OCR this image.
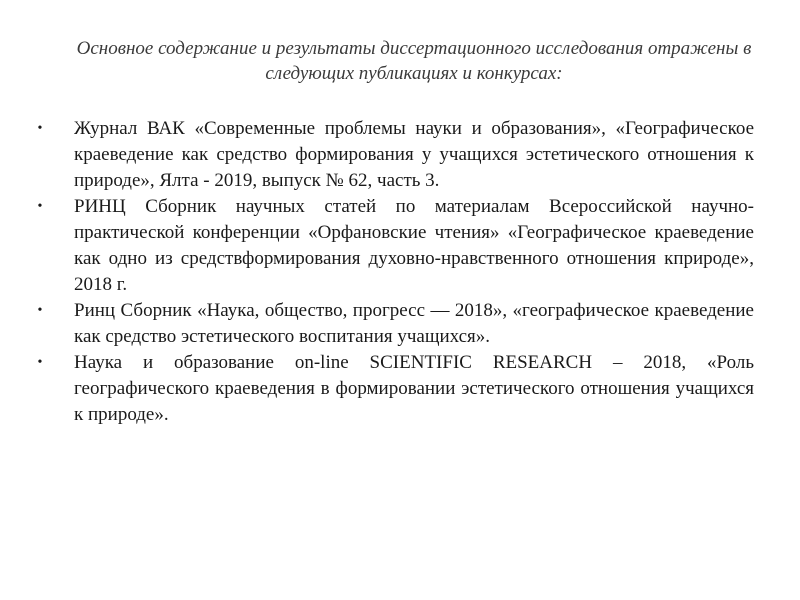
Основное содержание и результаты диссертационного исследования отражены в следующих публикациях и конкурсах:
• Журнал ВАК «Современные проблемы науки и образования», «Географическое краеведение как средство формирования у учащихся эстетического отношения к природе», Ялта - 2019, выпуск № 62, часть 3.
• РИНЦ Сборник научных статей по материалам Всероссийской научно-практической конференции «Орфановские чтения» «Географическое краеведение как одно из средствформирования духовно-нравственного отношения кприроде», 2018 г.
• Ринц Сборник «Наука, общество, прогресс — 2018», «географическое краеведение как средство эстетического воспитания учащихся».
• Наука и образование on-line SCIENTIFIC RESEARCH – 2018, «Роль географического краеведения в формировании эстетического отношения учащихся к природе».
